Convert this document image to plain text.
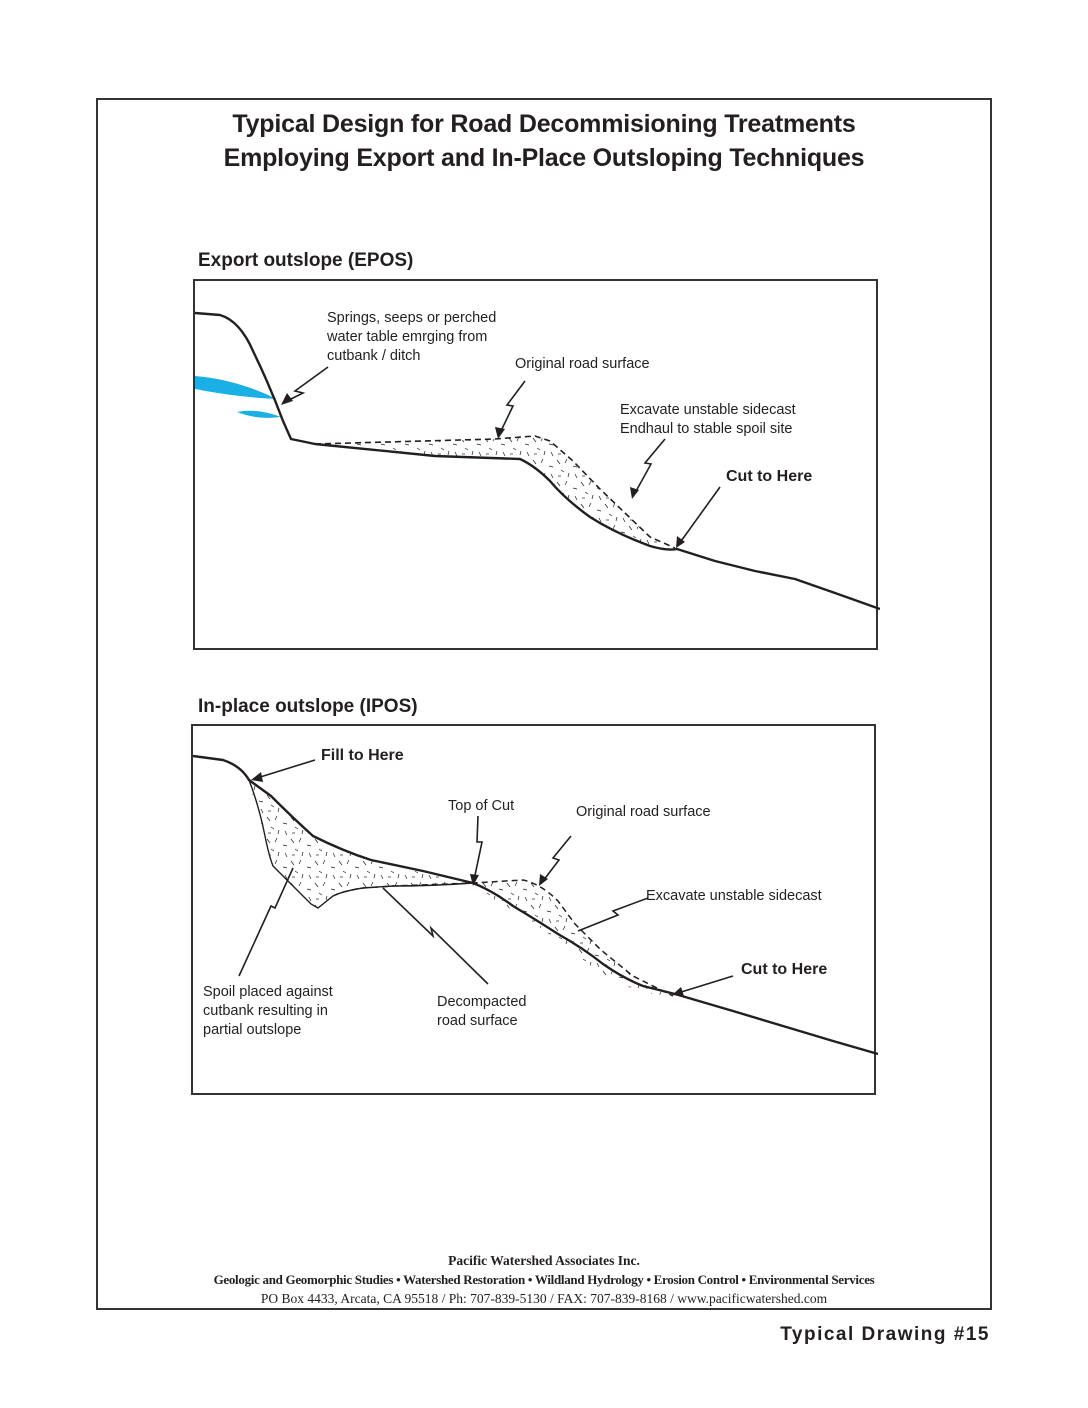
Typical Design for Road Decommisioning Treatments
Employing Export and In-Place Outsloping Techniques
Export outslope (EPOS)
Springs, seeps or perched
water table emrging from
cutbank / ditch	Original road surface
Excavate unstable sidecast
Endhaul to stable spoil site
Cut to Here
In-place outslope (IPOS)
Fill to Here
Top of Cut	Original road surface
Excavate unstable sidecast
Cut to Here
Spoil placed against
cutbank resulting in
partial outslope
Decompacted
road surface
Pacific Watershed Associates Inc.
Geologic and Geomorphic Studies • Watershed Restoration • Wildland Hydrology • Erosion Control • Environmental Services
PO Box 4433, Arcata, CA 95518 / Ph: 707-839-5130 / FAX: 707-839-8168 / www.pacificwatershed.com
Typical Drawing #15
